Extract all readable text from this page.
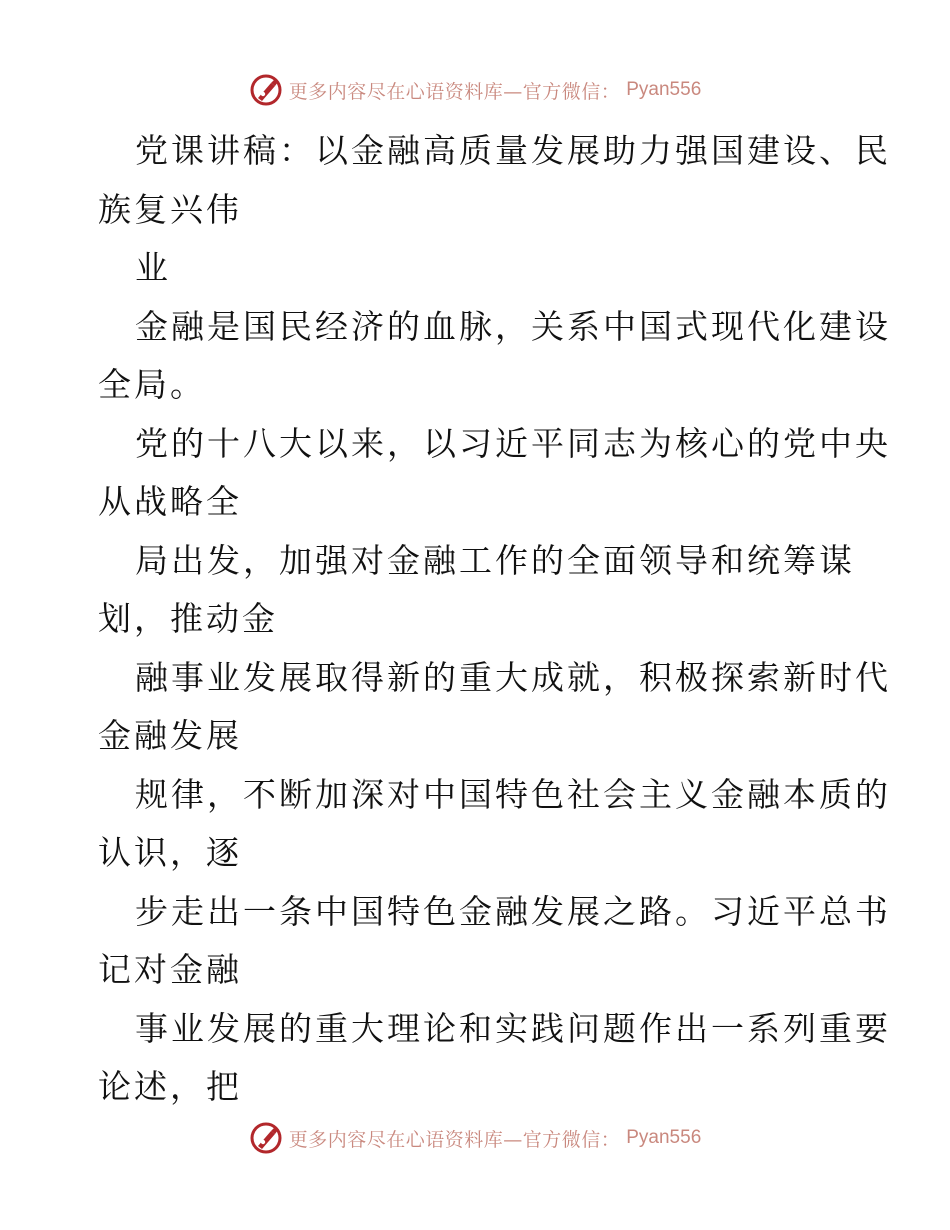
更多内容尽在心语资料库—官方微信： Pyan556
党课讲稿：以金融高质量发展助力强国建设、民
族复兴伟
业
金融是国民经济的血脉，关系中国式现代化建设
全局。
党的十八大以来，以习近平同志为核心的党中央
从战略全
局出发，加强对金融工作的全面领导和统筹谋
划，推动金
融事业发展取得新的重大成就，积极探索新时代
金融发展
规律，不断加深对中国特色社会主义金融本质的
认识，逐
步走出一条中国特色金融发展之路。习近平总书
记对金融
事业发展的重大理论和实践问题作出一系列重要
论述，把
更多内容尽在心语资料库—官方微信： Pyan556
